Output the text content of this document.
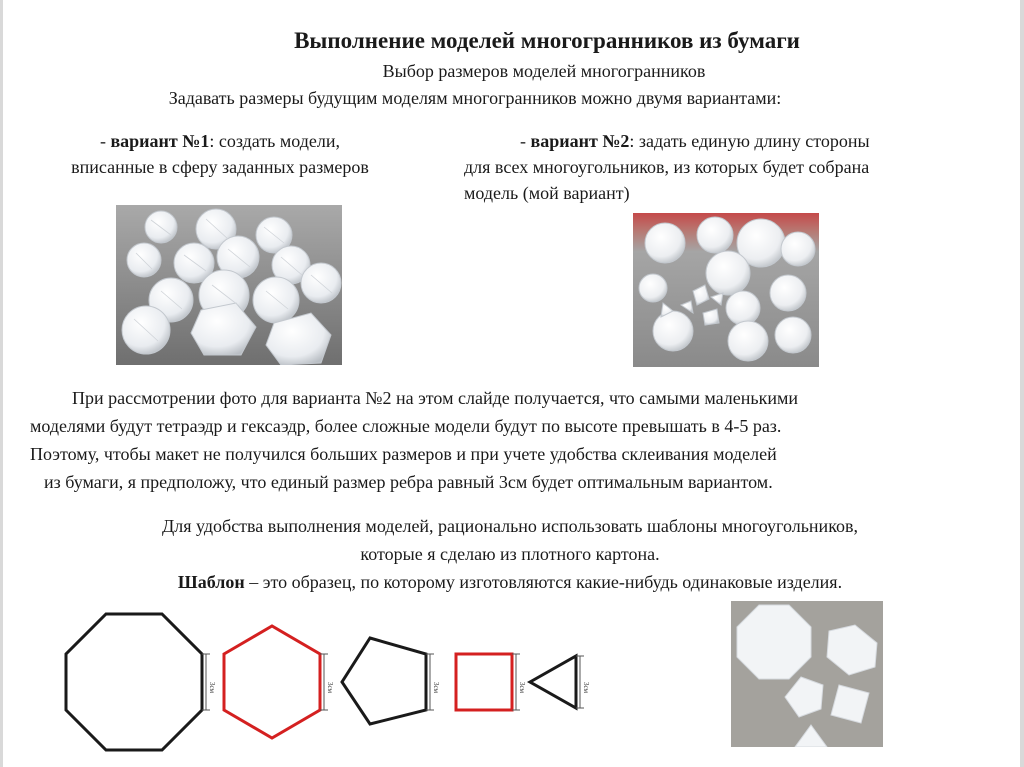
Выполнение моделей многогранников из бумаги
Выбор размеров моделей многогранников
Задавать размеры будущим моделям многогранников можно двумя вариантами:
- вариант №1: создать модели,
вписанные в сферу заданных размеров
- вариант №2: задать единую длину стороны
для всех многоугольников, из которых будет собрана
модель (мой вариант)
При рассмотрении фото для варианта №2 на этом слайде получается, что самыми маленькими
моделями будут тетраэдр и гексаэдр, более сложные модели будут по высоте превышать в 4-5 раз.
Поэтому, чтобы макет не получился больших размеров и при учете удобства склеивания моделей
из бумаги, я предположу, что единый размер ребра равный 3см будет оптимальным вариантом.
Для удобства выполнения моделей, рационально использовать шаблоны многоугольников,
которые я сделаю из плотного картона.
Шаблон – это образец, по которому изготовляются какие-нибудь одинаковые изделия.
3см	3см	3см	3см	3см
